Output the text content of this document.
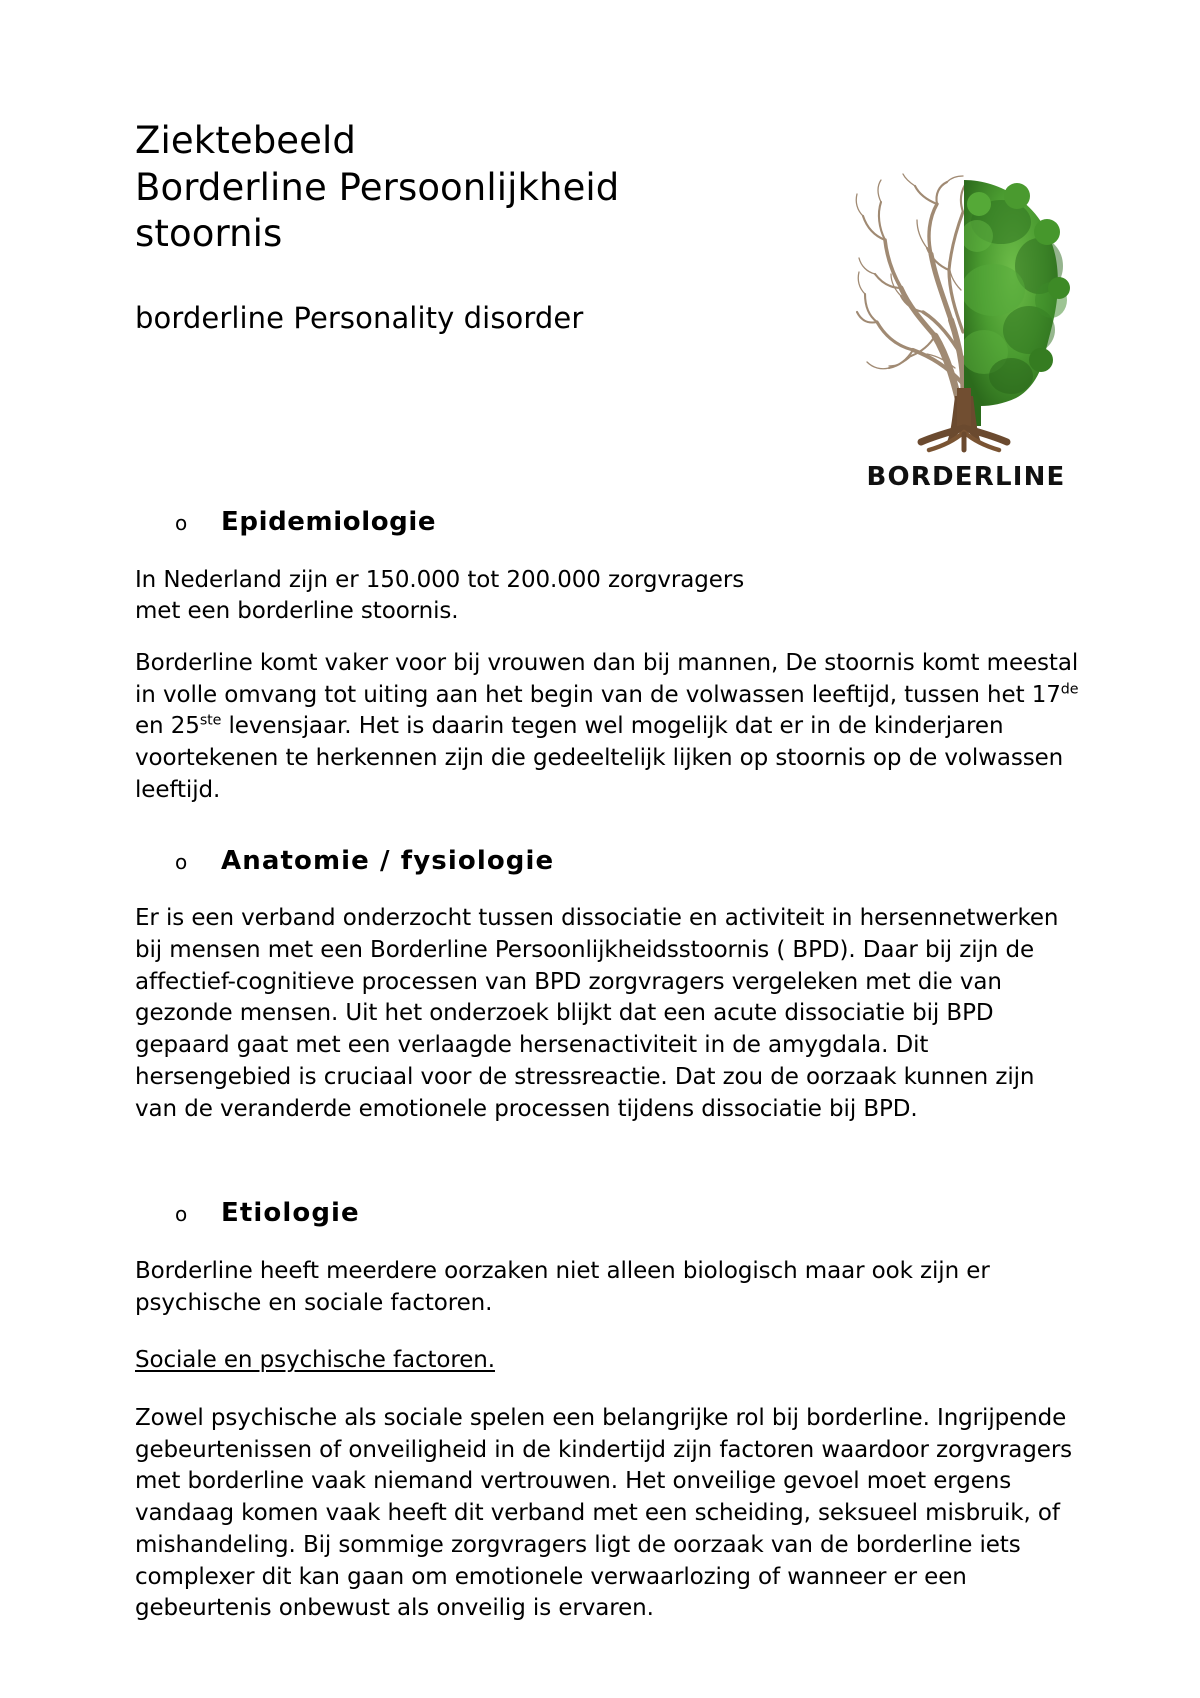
Ziektebeeld
Borderline Persoonlijkheid
stoornis
borderline Personality disorder
BORDERLINE
o	Epidemiologie

In Nederland zijn er 150.000 tot 200.000 zorgvragers met een borderline stoornis.

Borderline komt vaker voor bij vrouwen dan bij mannen, De stoornis komt meestal in volle omvang tot uiting aan het begin van de volwassen leeftijd, tussen het 17de en 25ste levensjaar. Het is daarin tegen wel mogelijk dat er in de kinderjaren voortekenen te herkennen zijn die gedeeltelijk lijken op stoornis op de volwassen leeftijd.

o	Anatomie / fysiologie

Er is een verband onderzocht tussen dissociatie en activiteit in hersennetwerken bij mensen met een Borderline Persoonlijkheidsstoornis ( BPD). Daar bij zijn de affectief-cognitieve processen van BPD zorgvragers vergeleken met die van gezonde mensen. Uit het onderzoek blijkt dat een acute dissociatie bij BPD gepaard gaat met een verlaagde hersenactiviteit in de amygdala. Dit hersengebied is cruciaal voor de stressreactie. Dat zou de oorzaak kunnen zijn van de veranderde emotionele processen tijdens dissociatie bij BPD.

o	Etiologie

Borderline heeft meerdere oorzaken niet alleen biologisch maar ook zijn er psychische en sociale factoren.

Sociale en psychische factoren.

Zowel psychische als sociale spelen een belangrijke rol bij borderline. Ingrijpende gebeurtenissen of onveiligheid in de kindertijd zijn factoren waardoor zorgvragers met borderline vaak niemand vertrouwen. Het onveilige gevoel moet ergens vandaag komen vaak heeft dit verband met een scheiding, seksueel misbruik, of mishandeling. Bij sommige zorgvragers ligt de oorzaak van de borderline iets complexer dit kan gaan om emotionele verwaarlozing of wanneer er een gebeurtenis onbewust als onveilig is ervaren.
